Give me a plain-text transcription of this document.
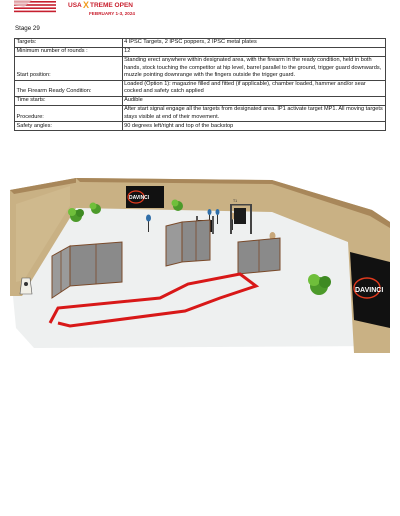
USA X TREME OPEN
FEBRUARY 1-3, 2024
Stage 29
Targets:	4 IPSC Targets, 2 IPSC poppers, 2 IPSC metal plates
Minimum number of rounds :	12
Start position:	Standing erect anywhere within designated area, with the firearm in the ready condition, held in both hands, stock touching the competitor at hip level, barrel parallel to the ground, trigger guard downwards, muzzle pointing downrange with the fingers outside the trigger guard.
The Firearm Ready Condition:	Loaded (Option 1): magazine filled and fitted (if applicable), chamber loaded, hammer and/or sear cocked and safety catch applied
Time starts:	Audible
Procedure:	After start signal engage all the targets from designated area. IP1 activate target MP1. All moving targets stays visible at end of their movement.
Safety angles:	90 degrees left/right and top of the backstop
DAVINCI
DAVINCI
T1
